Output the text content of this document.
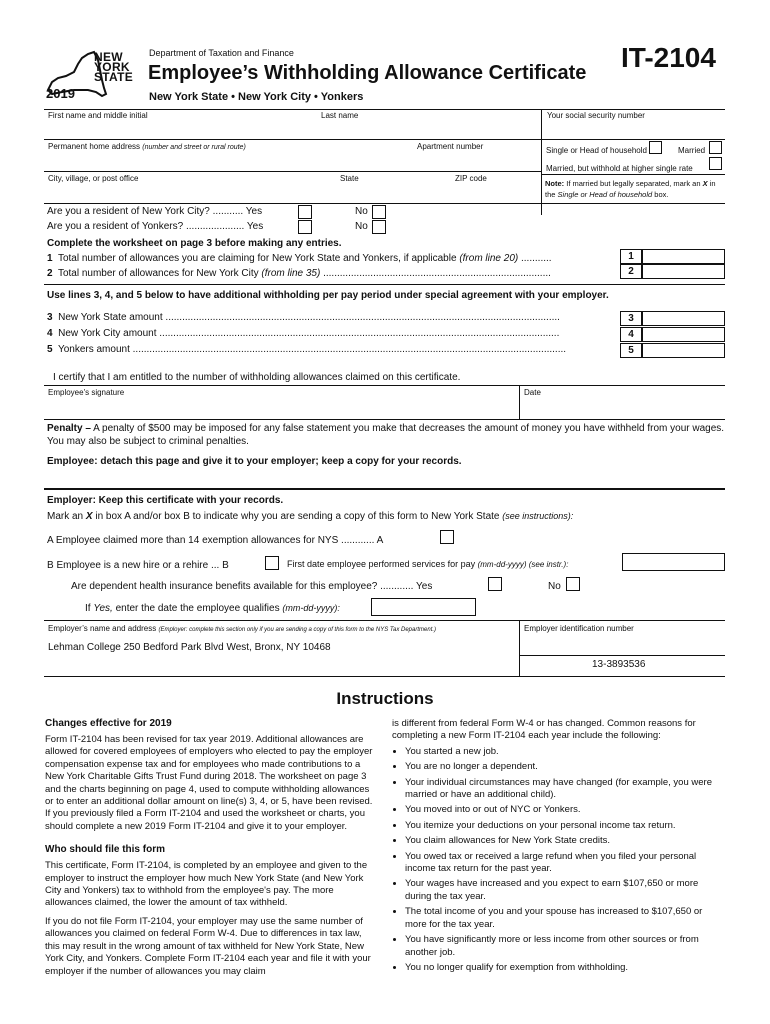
NEW
YORK
STATE
2019
Department of Taxation and Finance
Employee’s Withholding Allowance Certificate
New York State • New York City • Yonkers
IT-2104
First name and middle initial	Last name	Your social security number
Permanent home address (number and street or rural route)	Apartment number	Single or Head of household	Married
Married, but withhold at higher single rate
City, village, or post office	State	ZIP code
Note: If married but legally separated, mark an X in the Single or Head of household box.
Are you a resident of New York City? ........... Yes	No
Are you a resident of Yonkers? ..................... Yes	No
Complete the worksheet on page 3 before making any entries.
1 Total number of allowances you are claiming for New York State and Yonkers, if applicable (from line 20) ...........	1
2 Total number of allowances for New York City (from line 35) ..................................................................................	2
Use lines 3, 4, and 5 below to have additional withholding per pay period under special agreement with your employer.
3 New York State amount ..............................................................................................................................................	3
4 New York City amount ................................................................................................................................................	4
5 Yonkers amount ............................................................................................................................................................	5
I certify that I am entitled to the number of withholding allowances claimed on this certificate.
Employee's signature	Date
Penalty – A penalty of $500 may be imposed for any false statement you make that decreases the amount of money you have withheld from your wages. You may also be subject to criminal penalties.
Employee: detach this page and give it to your employer; keep a copy for your records.
Employer: Keep this certificate with your records.
Mark an X in box A and/or box B to indicate why you are sending a copy of this form to New York State (see instructions):
A Employee claimed more than 14 exemption allowances for NYS ............ A
B Employee is a new hire or a rehire ... B	First date employee performed services for pay (mm-dd-yyyy) (see instr.):
Are dependent health insurance benefits available for this employee? ............ Yes	No
If Yes, enter the date the employee qualifies (mm-dd-yyyy):
Employer’s name and address (Employer: complete this section only if you are sending a copy of this form to the NYS Tax Department.)	Employer identification number
Lehman College 250 Bedford Park Blvd West, Bronx, NY 10468
13-3893536
Instructions
Changes effective for 2019

Form IT-2104 has been revised for tax year 2019. Additional allowances are allowed for covered employees of employers who elected to pay the employer compensation expense tax and for employees who made contributions to a New York Charitable Gifts Trust Fund during 2018. The worksheet on page 3 and the charts beginning on page 4, used to compute withholding allowances or to enter an additional dollar amount on line(s) 3, 4, or 5, have been revised. If you previously filed a Form IT-2104 and used the worksheet or charts, you should complete a new 2019 Form IT-2104 and give it to your employer.

Who should file this form

This certificate, Form IT-2104, is completed by an employee and given to the employer to instruct the employer how much New York State (and New York City and Yonkers) tax to withhold from the employee's pay. The more allowances claimed, the lower the amount of tax withheld.

If you do not file Form IT-2104, your employer may use the same number of allowances you claimed on federal Form W-4. Due to differences in tax law, this may result in the wrong amount of tax withheld for New York State, New York City, and Yonkers. Complete Form IT-2104 each year and file it with your employer if the number of allowances you may claim

is different from federal Form W-4 or has changed. Common reasons for completing a new Form IT-2104 each year include the following:

• You started a new job.
• You are no longer a dependent.
• Your individual circumstances may have changed (for example, you were married or have an additional child).
• You moved into or out of NYC or Yonkers.
• You itemize your deductions on your personal income tax return.
• You claim allowances for New York State credits.
• You owed tax or received a large refund when you filed your personal income tax return for the past year.
• Your wages have increased and you expect to earn $107,650 or more during the tax year.
• The total income of you and your spouse has increased to $107,650 or more for the tax year.
• You have significantly more or less income from other sources or from another job.
• You no longer qualify for exemption from withholding.
